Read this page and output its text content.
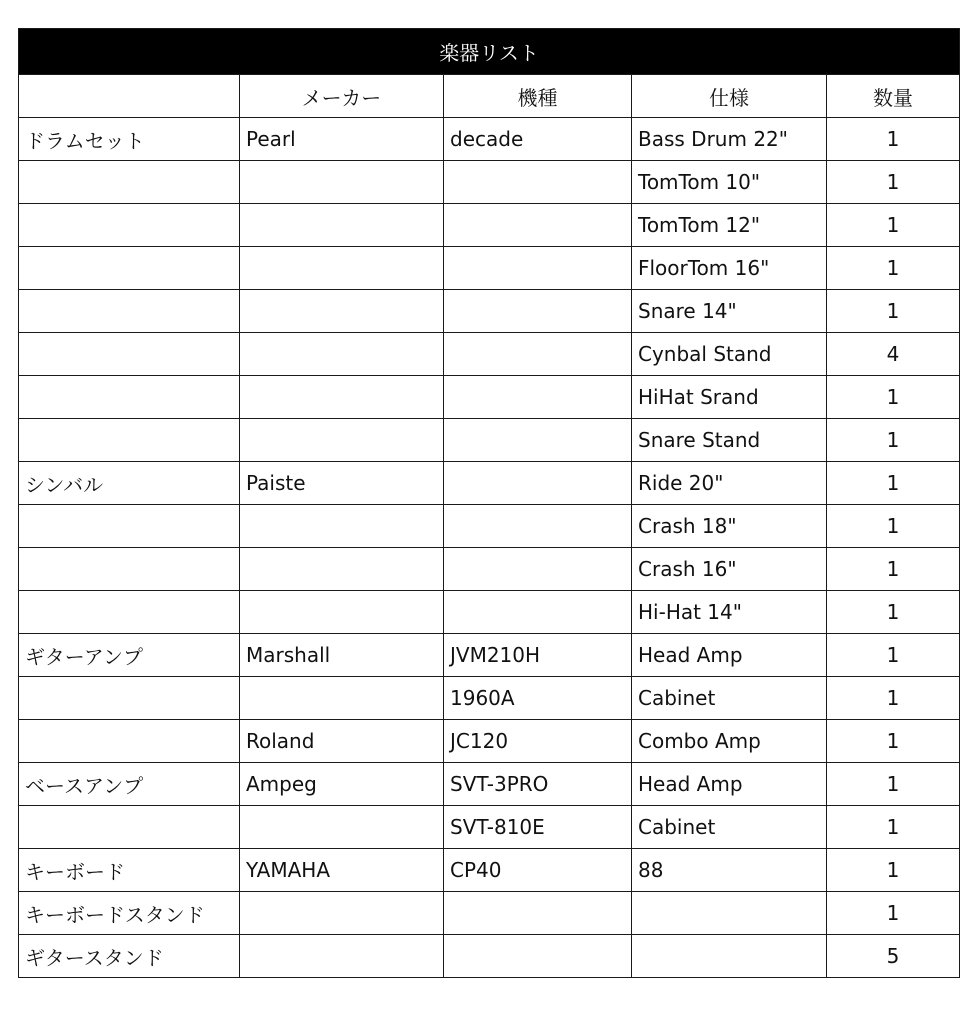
楽器リスト				
	メーカー	機種	仕様	数量
ドラムセット	Pearl	decade	Bass Drum 22"	1
			TomTom 10"	1
			TomTom 12"	1
			FloorTom 16"	1
			Snare 14"	1
			Cynbal Stand	4
			HiHat Srand	1
			Snare Stand	1
シンバル	Paiste		Ride 20"	1
			Crash 18"	1
			Crash 16"	1
			Hi-Hat 14"	1
ギターアンプ	Marshall	JVM210H	Head Amp	1
		1960A	Cabinet	1
	Roland	JC120	Combo Amp	1
ベースアンプ	Ampeg	SVT-3PRO	Head Amp	1
		SVT-810E	Cabinet	1
キーボード	YAMAHA	CP40	88	1
キーボードスタンド				1
ギタースタンド				5
